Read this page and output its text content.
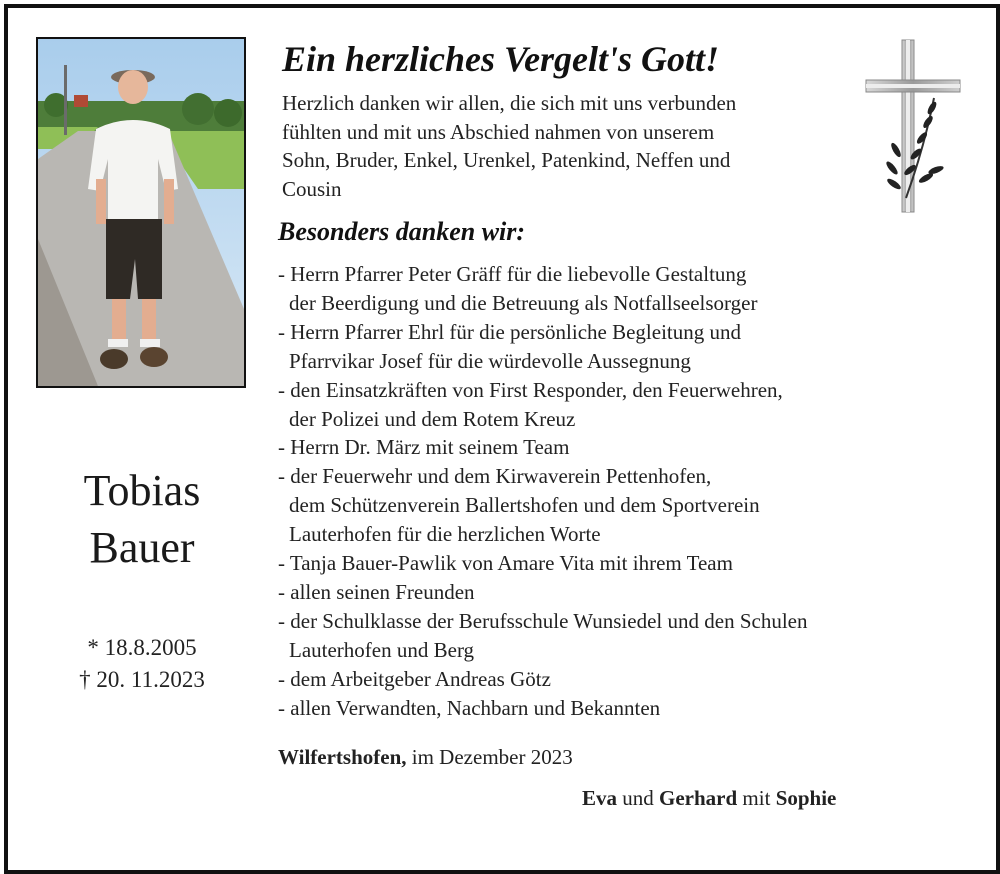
Tobias
Bauer
* 18.8.2005
† 20. 11.2023
Ein herzliches Vergelt's Gott!
Herzlich danken wir allen, die sich mit uns verbunden
fühlten und mit uns Abschied nahmen von unserem
Sohn, Bruder, Enkel, Urenkel, Patenkind, Neffen und
Cousin
Besonders danken wir:
- Herrn Pfarrer Peter Gräff für die liebevolle Gestaltung
der Beerdigung und die Betreuung als Notfallseelsorger
- Herrn Pfarrer Ehrl für die persönliche Begleitung und
Pfarrvikar Josef für die würdevolle Aussegnung
- den Einsatzkräften von First Responder, den Feuerwehren,
der Polizei und dem Rotem Kreuz
- Herrn Dr. März mit seinem Team
- der Feuerwehr und dem Kirwaverein Pettenhofen,
dem Schützenverein Ballertshofen und dem Sportverein
Lauterhofen für die herzlichen Worte
- Tanja Bauer-Pawlik von Amare Vita mit ihrem Team
- allen seinen Freunden
- der Schulklasse der Berufsschule Wunsiedel und den Schulen
Lauterhofen und Berg
- dem Arbeitgeber Andreas Götz
- allen Verwandten, Nachbarn und Bekannten
Wilfertshofen, im Dezember 2023
Eva und Gerhard mit Sophie
